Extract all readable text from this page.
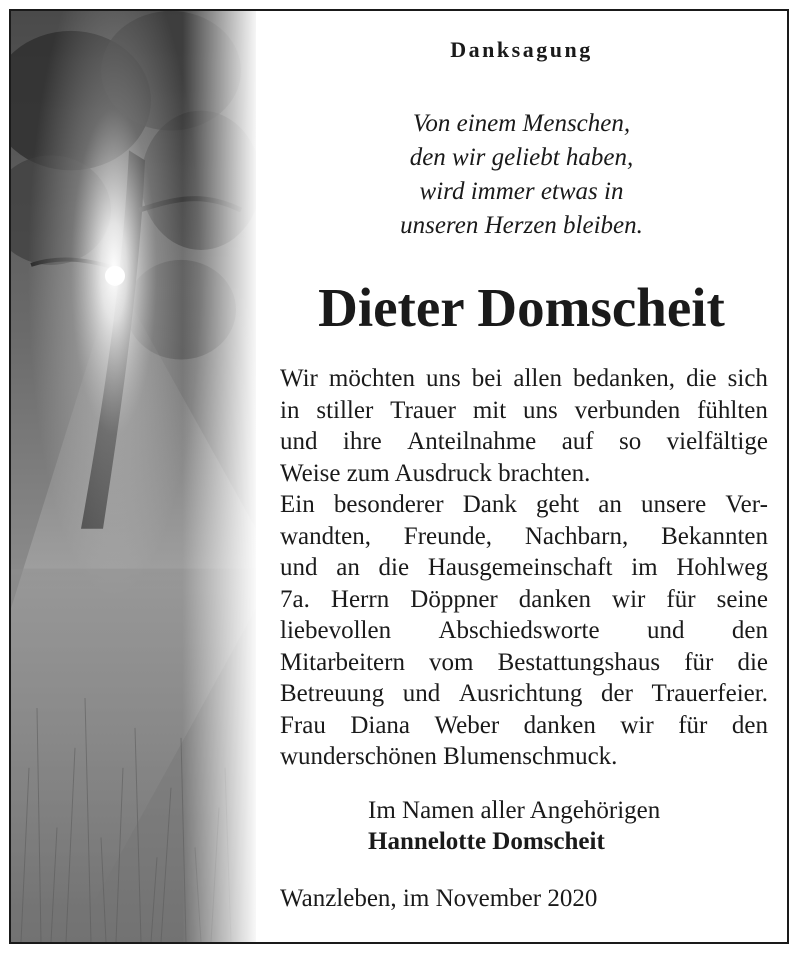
Danksagung
Von einem Menschen,
den wir geliebt haben,
wird immer etwas in
unseren Herzen bleiben.
Dieter Domscheit
Wir möchten uns bei allen bedanken, die sich
in stiller Trauer mit uns verbunden fühlten
und ihre Anteilnahme auf so vielfältige
Weise zum Ausdruck brachten.
Ein besonderer Dank geht an unsere Ver-
wandten, Freunde, Nachbarn, Bekannten
und an die Hausgemeinschaft im Hohlweg
7a. Herrn Döppner danken wir für seine
liebevollen Abschiedsworte und den
Mitarbeitern vom Bestattungshaus für die
Betreuung und Ausrichtung der Trauerfeier.
Frau Diana Weber danken wir für den
wunderschönen Blumenschmuck.
Im Namen aller Angehörigen
Hannelotte Domscheit
Wanzleben, im November 2020
